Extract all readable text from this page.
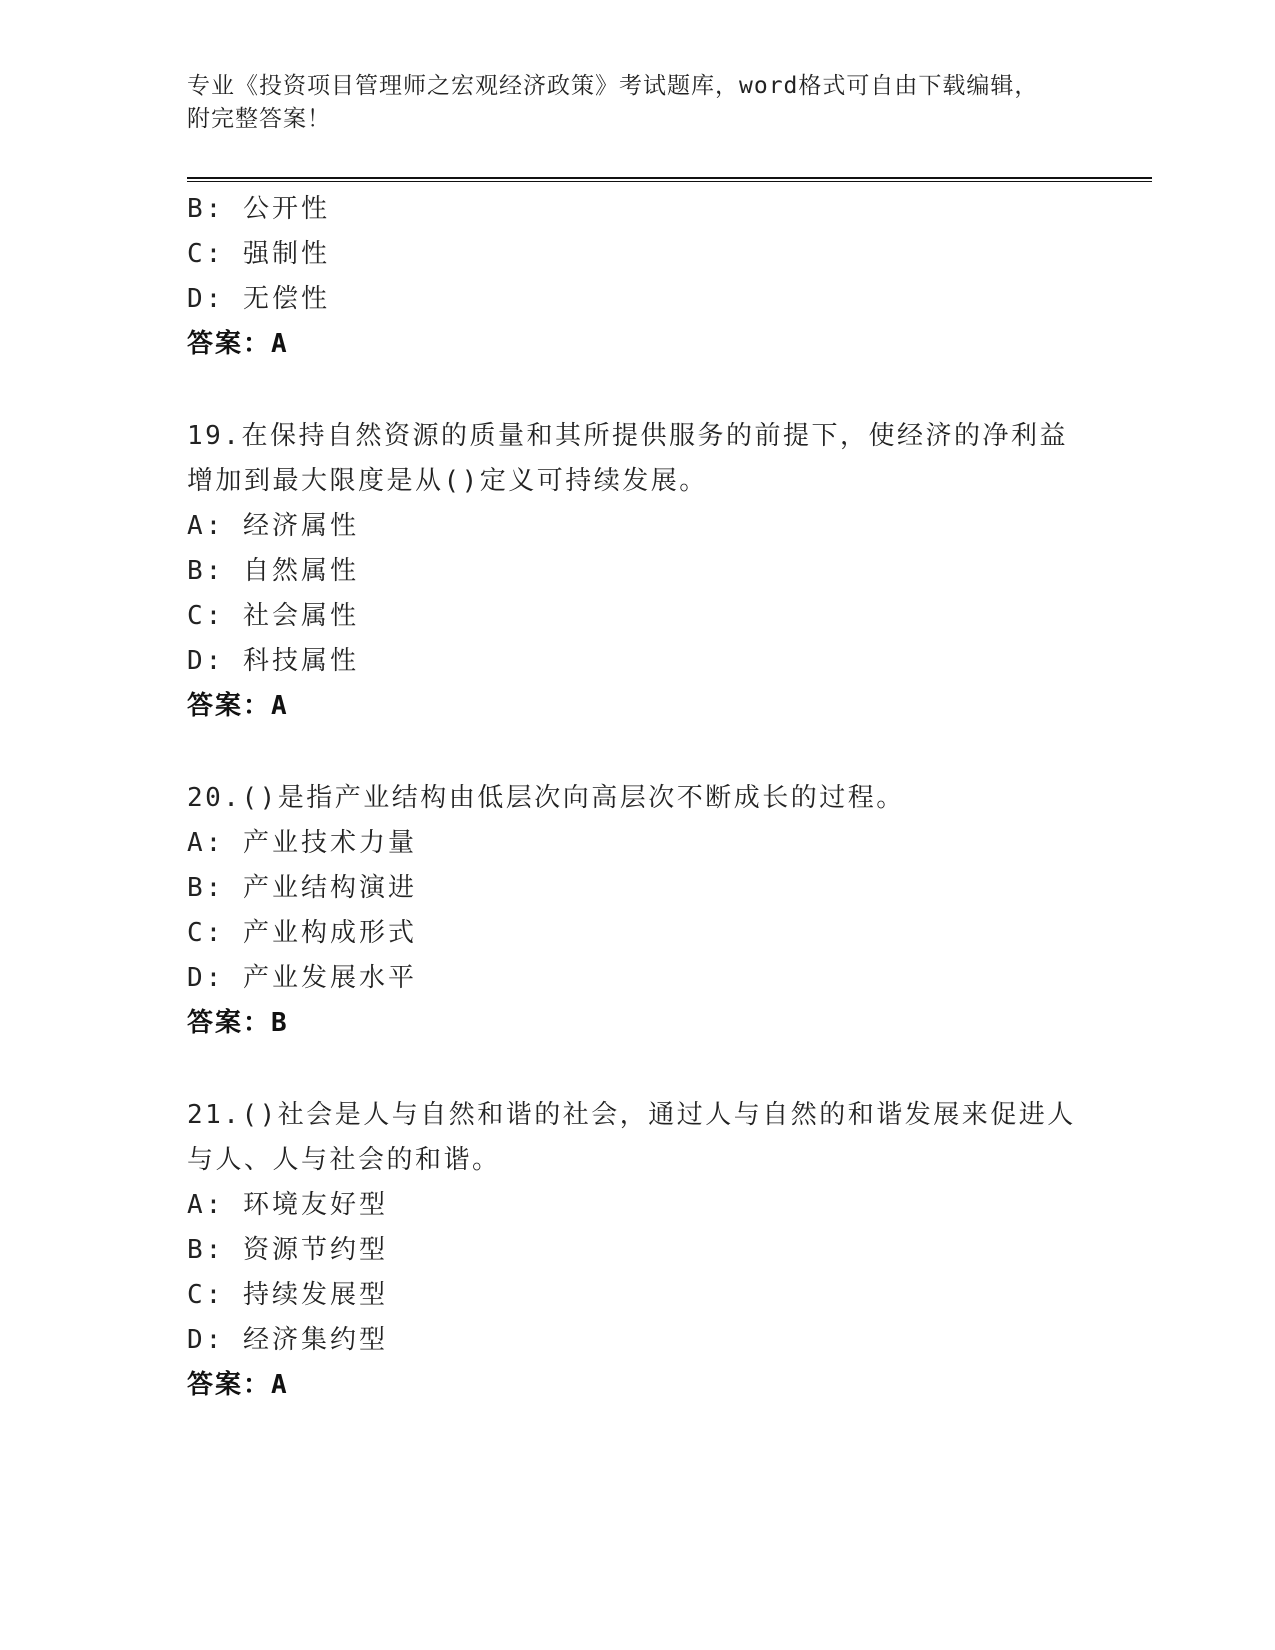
专业《投资项目管理师之宏观经济政策》考试题库，word格式可自由下载编辑，
附完整答案！
B: 公开性
C: 强制性
D: 无偿性
答案：A
19.在保持自然资源的质量和其所提供服务的前提下，使经济的净利益
增加到最大限度是从()定义可持续发展。
A: 经济属性
B: 自然属性
C: 社会属性
D: 科技属性
答案：A
20.()是指产业结构由低层次向高层次不断成长的过程。
A: 产业技术力量
B: 产业结构演进
C: 产业构成形式
D: 产业发展水平
答案：B
21.()社会是人与自然和谐的社会，通过人与自然的和谐发展来促进人
与人、人与社会的和谐。
A: 环境友好型
B: 资源节约型
C: 持续发展型
D: 经济集约型
答案：A
